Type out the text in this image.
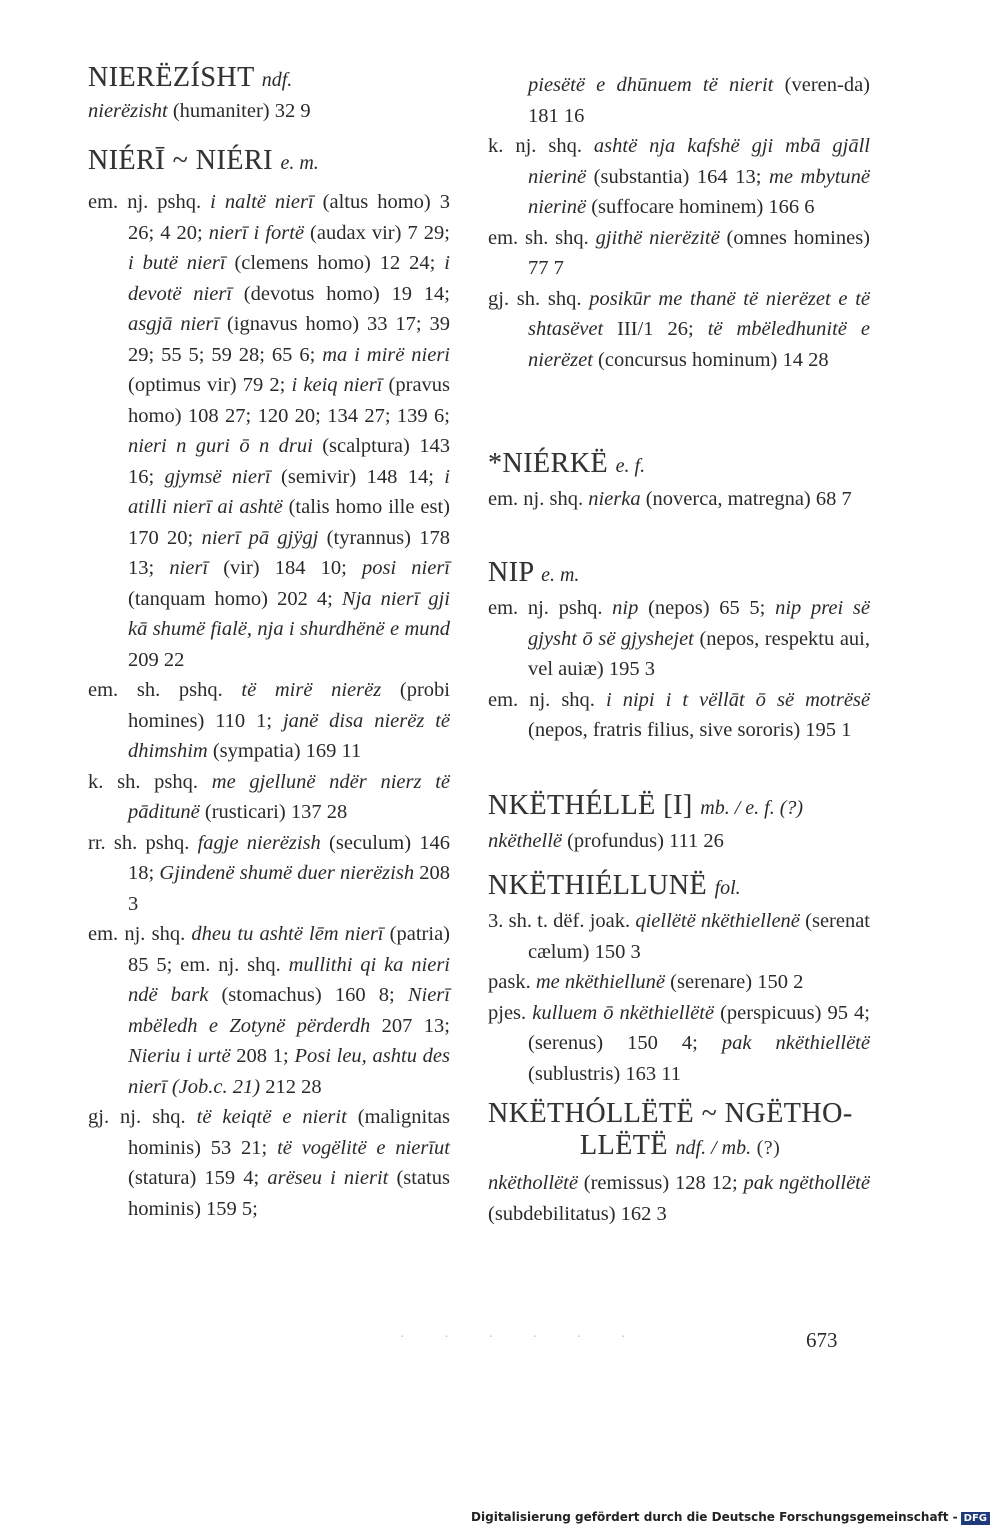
NIERËZÍSHT ndf.
nierëzisht (humaniter) 32 9
NIÉRĪ ~ NIÉRI e. m.

em. nj. pshq. i naltë nierī (altus homo) 3 26; 4 20; nierī i fortë (audax vir) 7 29; i butë nierī (clemens homo) 12 24; i devotë nierī (devotus homo) 19 14; asgjā nierī (ignavus homo) 33 17; 39 29; 55 5; 59 28; 65 6; ma i mirë nieri (optimus vir) 79 2; i keiq nierī (pravus homo) 108 27; 120 20; 134 27; 139 6; nieri n guri ō n drui (scalptura) 143 16; gjymsë nierī (semivir) 148 14; i atilli nierī ai ashtë (talis homo ille est) 170 20; nierī pā gjÿgj (tyrannus) 178 13; nierī (vir) 184 10; posi nierī (tanquam homo) 202 4; Nja nierī gji kā shumë fialë, nja i shurdhënë e mund 209 22

em. sh. pshq. të mirë nierëz (probi homines) 110 1; janë disa nierëz të dhimshim (sympatia) 169 11

k. sh. pshq. me gjellunë ndër nierz të pāditunë (rusticari) 137 28

rr. sh. pshq. fagje nierëzish (seculum) 146 18; Gjindenë shumë duer nierëzish 208 3

em. nj. shq. dheu tu ashtë lēm nierī (patria) 85 5; em. nj. shq. mullithi qi ka nieri ndë bark (stomachus) 160 8; Nierī mbëledh e Zotynë përderdh 207 13; Nieriu i urtë 208 1; Posi leu, ashtu des nierī (Job.c. 21) 212 28

gj. nj. shq. të keiqtë e nierit (malignitas hominis) 53 21; të vogëlitë e nierīut (statura) 159 4; arëseu i nierit (status hominis) 159 5;

piesëtë e dhūnuem të nierit (veren-da) 181 16

k. nj. shq. ashtë nja kafshë gji mbā gjāll nierinë (substantia) 164 13; me mbytunë nierinë (suffocare hominem) 166 6

em. sh. shq. gjithë nierëzitë (omnes homines) 77 7

gj. sh. shq. posikūr me thanë të nierëzet e të shtasëvet III/1 26; të mbëledhunitë e nierëzet (concursus hominum) 14 28

*NIÉRKË e. f.

em. nj. shq. nierka (noverca, matregna) 68 7

NIP e. m.

em. nj. pshq. nip (nepos) 65 5; nip prei së gjysht ō së gjyshejet (nepos, respektu aui, vel auiæ) 195 3

em. nj. shq. i nipi i t vëllāt ō së motrësë (nepos, fratris filius, sive sororis) 195 1

NKËTHÉLLË [I] mb. / e. f. (?)
nkëthellë (profundus) 111 26
NKËTHIÉLLUNË fol.

3. sh. t. dëf. joak. qiellëtë nkëthiellenë (serenat cælum) 150 3

pask. me nkëthiellunë (serenare) 150 2

pjes. kulluem ō nkëthiellëtë (perspicuus) 95 4; (serenus) 150 4; pak nkëthiellëtë (sublustris) 163 11

NKËTHÓLLËTË ~ NGËTHO-
LLËTË ndf. / mb. (?)

nkëthollëtë (remissus) 128 12; pak ngëthollëtë (subdebilitatus) 162 3

· · · · · ·	673
Digitalisierung gefördert durch die Deutsche Forschungsgemeinschaft - DFG
